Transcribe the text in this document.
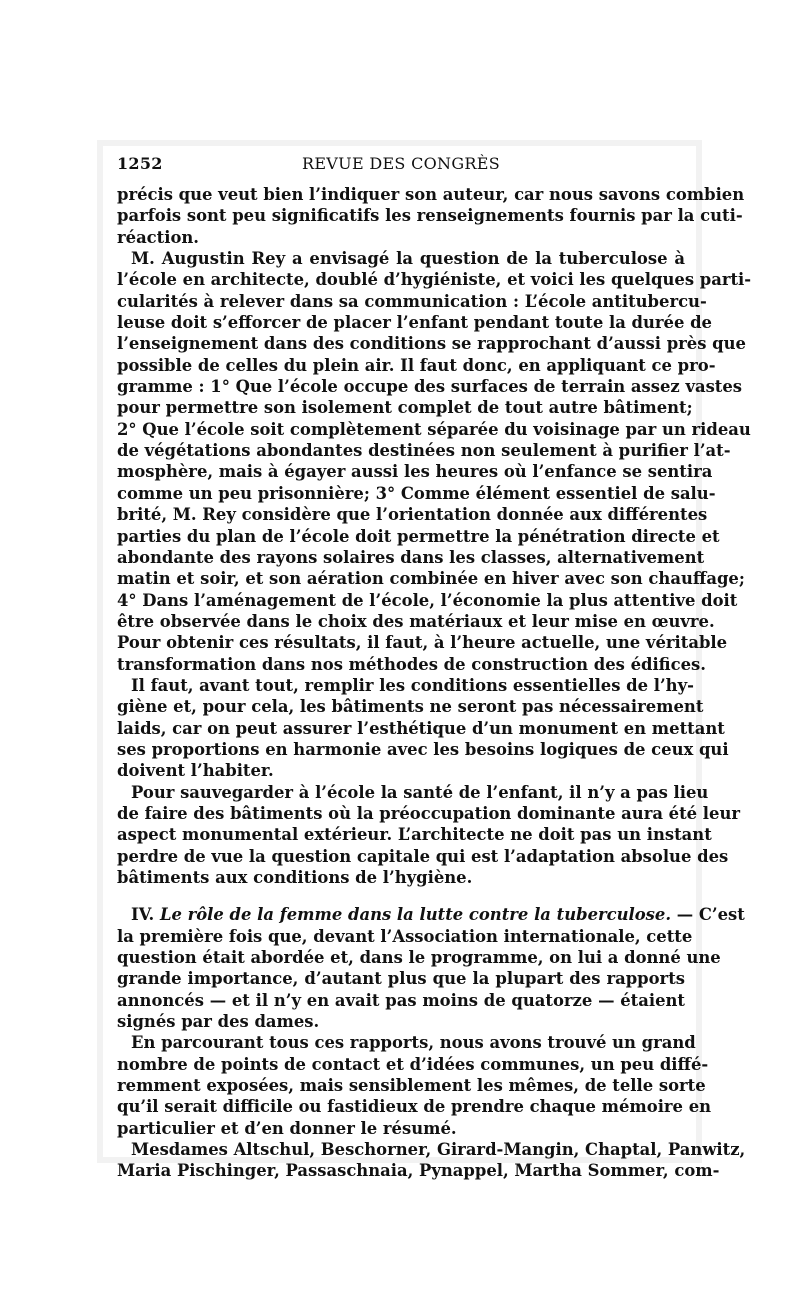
1252	REVUE DES CONGRÈS
précis que veut bien l’indiquer son auteur, car nous savons combien
parfois sont peu significatifs les renseignements fournis par la cuti-
réaction.
M. Augustin Rey a envisagé la question de la tuberculose à
l’école en architecte, doublé d’hygiéniste, et voici les quelques parti-
cularités à relever dans sa communication : L’école antitubercu-
leuse doit s’efforcer de placer l’enfant pendant toute la durée de
l’enseignement dans des conditions se rapprochant d’aussi près que
possible de celles du plein air. Il faut donc, en appliquant ce pro-
gramme : 1° Que l’école occupe des surfaces de terrain assez vastes
pour permettre son isolement complet de tout autre bâtiment;
2° Que l’école soit complètement séparée du voisinage par un rideau
de végétations abondantes destinées non seulement à purifier l’at-
mosphère, mais à égayer aussi les heures où l’enfance se sentira
comme un peu prisonnière; 3° Comme élément essentiel de salu-
brité, M. Rey considère que l’orientation donnée aux différentes
parties du plan de l’école doit permettre la pénétration directe et
abondante des rayons solaires dans les classes, alternativement
matin et soir, et son aération combinée en hiver avec son chauffage;
4° Dans l’aménagement de l’école, l’économie la plus attentive doit
être observée dans le choix des matériaux et leur mise en œuvre.
Pour obtenir ces résultats, il faut, à l’heure actuelle, une véritable
transformation dans nos méthodes de construction des édifices.
Il faut, avant tout, remplir les conditions essentielles de l’hy-
giène et, pour cela, les bâtiments ne seront pas nécessairement
laids, car on peut assurer l’esthétique d’un monument en mettant
ses proportions en harmonie avec les besoins logiques de ceux qui
doivent l’habiter.
Pour sauvegarder à l’école la santé de l’enfant, il n’y a pas lieu
de faire des bâtiments où la préoccupation dominante aura été leur
aspect monumental extérieur. L’architecte ne doit pas un instant
perdre de vue la question capitale qui est l’adaptation absolue des
bâtiments aux conditions de l’hygiène.
IV. Le rôle de la femme dans la lutte contre la tuberculose. — C’est
la première fois que, devant l’Association internationale, cette
question était abordée et, dans le programme, on lui a donné une
grande importance, d’autant plus que la plupart des rapports
annoncés — et il n’y en avait pas moins de quatorze — étaient
signés par des dames.
En parcourant tous ces rapports, nous avons trouvé un grand
nombre de points de contact et d’idées communes, un peu diffé-
remment exposées, mais sensiblement les mêmes, de telle sorte
qu’il serait difficile ou fastidieux de prendre chaque mémoire en
particulier et d’en donner le résumé.
Mesdames Altschul, Beschorner, Girard-Mangin, Chaptal, Panwitz,
Maria Pischinger, Passaschnaia, Pynappel, Martha Sommer, com-
